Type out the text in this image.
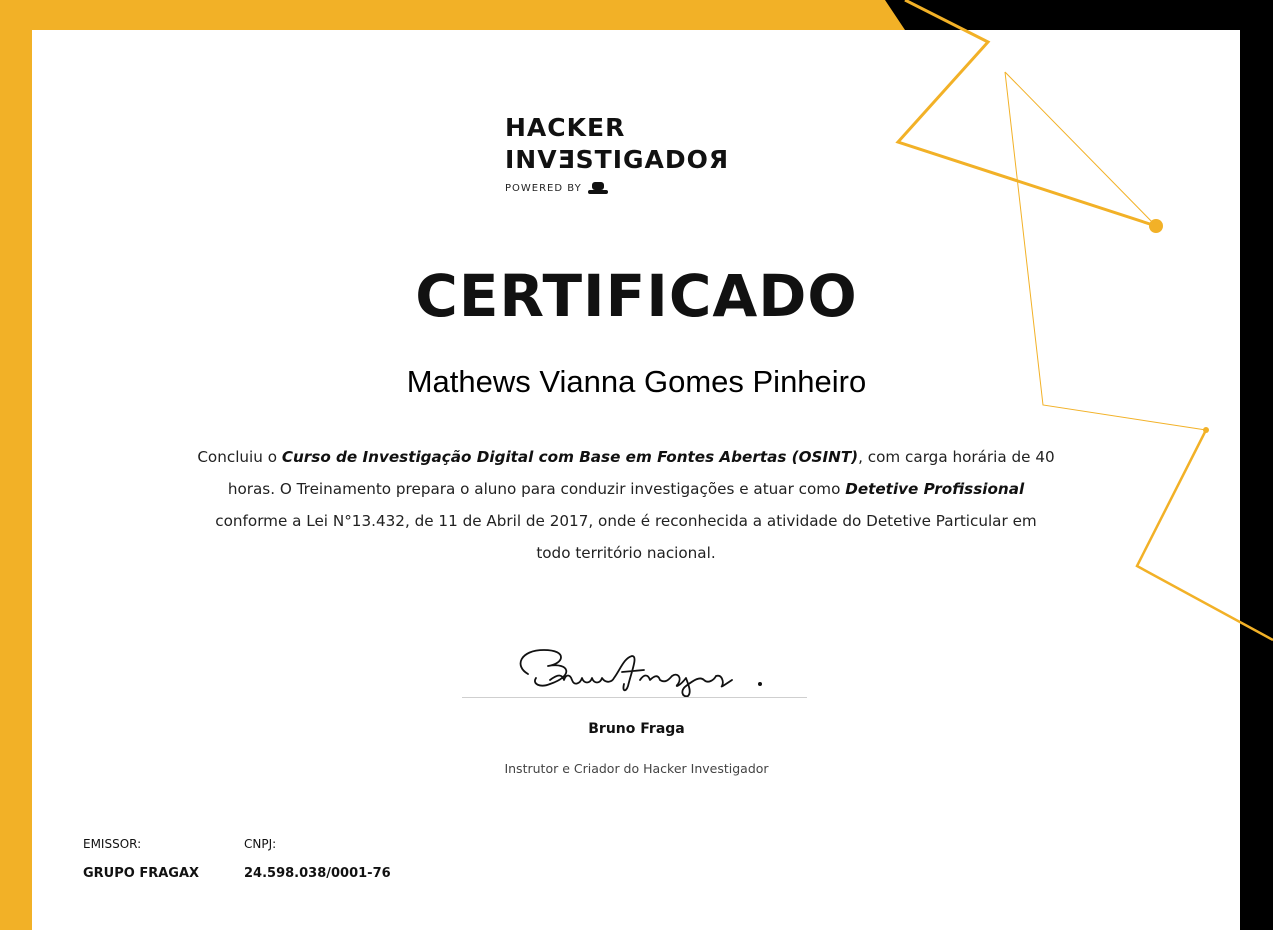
HACKER
INVƎSTIGADOЯ
POWERED BY
CERTIFICADO
Mathews Vianna Gomes Pinheiro
Concluiu o Curso de Investigação Digital com Base em Fontes Abertas (OSINT), com carga horária de 40 horas. O Treinamento prepara o aluno para conduzir investigações e atuar como Detetive Profissional conforme a Lei N°13.432, de 11 de Abril de 2017, onde é reconhecida a atividade do Detetive Particular em todo território nacional.
Bruno Fraga
Instrutor e Criador do Hacker Investigador
EMISSOR:
GRUPO FRAGAX
CNPJ:
24.598.038/0001-76
